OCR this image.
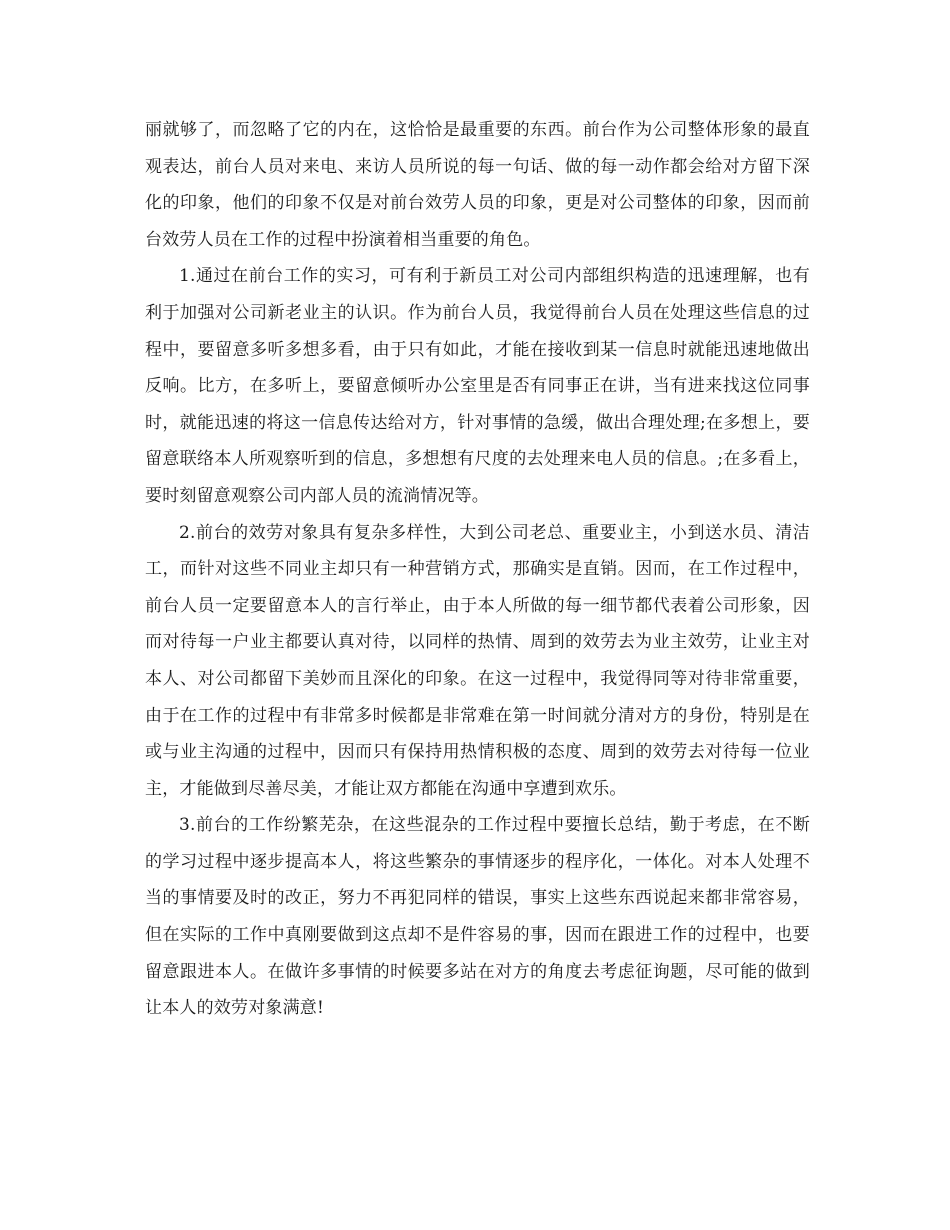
丽就够了，而忽略了它的内在，这恰恰是最重要的东西。前台作为公司整体形象的最直观表达，前台人员对来电、来访人员所说的每一句话、做的每一动作都会给对方留下深化的印象，他们的印象不仅是对前台效劳人员的印象，更是对公司整体的印象，因而前台效劳人员在工作的过程中扮演着相当重要的角色。

1.通过在前台工作的实习，可有利于新员工对公司内部组织构造的迅速理解，也有利于加强对公司新老业主的认识。作为前台人员，我觉得前台人员在处理这些信息的过程中，要留意多听多想多看，由于只有如此，才能在接收到某一信息时就能迅速地做出反响。比方，在多听上，要留意倾听办公室里是否有同事正在讲，当有进来找这位同事时，就能迅速的将这一信息传达给对方，针对事情的急缓，做出合理处理;在多想上，要留意联络本人所观察听到的信息，多想想有尺度的去处理来电人员的信息。;在多看上，要时刻留意观察公司内部人员的流淌情况等。

2.前台的效劳对象具有复杂多样性，大到公司老总、重要业主，小到送水员、清洁工，而针对这些不同业主却只有一种营销方式，那确实是直销。因而，在工作过程中，前台人员一定要留意本人的言行举止，由于本人所做的每一细节都代表着公司形象，因而对待每一户业主都要认真对待，以同样的热情、周到的效劳去为业主效劳，让业主对本人、对公司都留下美妙而且深化的印象。在这一过程中，我觉得同等对待非常重要，由于在工作的过程中有非常多时候都是非常难在第一时间就分清对方的身份，特别是在或与业主沟通的过程中，因而只有保持用热情积极的态度、周到的效劳去对待每一位业主，才能做到尽善尽美，才能让双方都能在沟通中享遭到欢乐。

3.前台的工作纷繁芜杂，在这些混杂的工作过程中要擅长总结，勤于考虑，在不断的学习过程中逐步提高本人，将这些繁杂的事情逐步的程序化，一体化。对本人处理不当的事情要及时的改正，努力不再犯同样的错误，事实上这些东西说起来都非常容易，但在实际的工作中真刚要做到这点却不是件容易的事，因而在跟进工作的过程中，也要留意跟进本人。在做许多事情的时候要多站在对方的角度去考虑征询题，尽可能的做到让本人的效劳对象满意!
